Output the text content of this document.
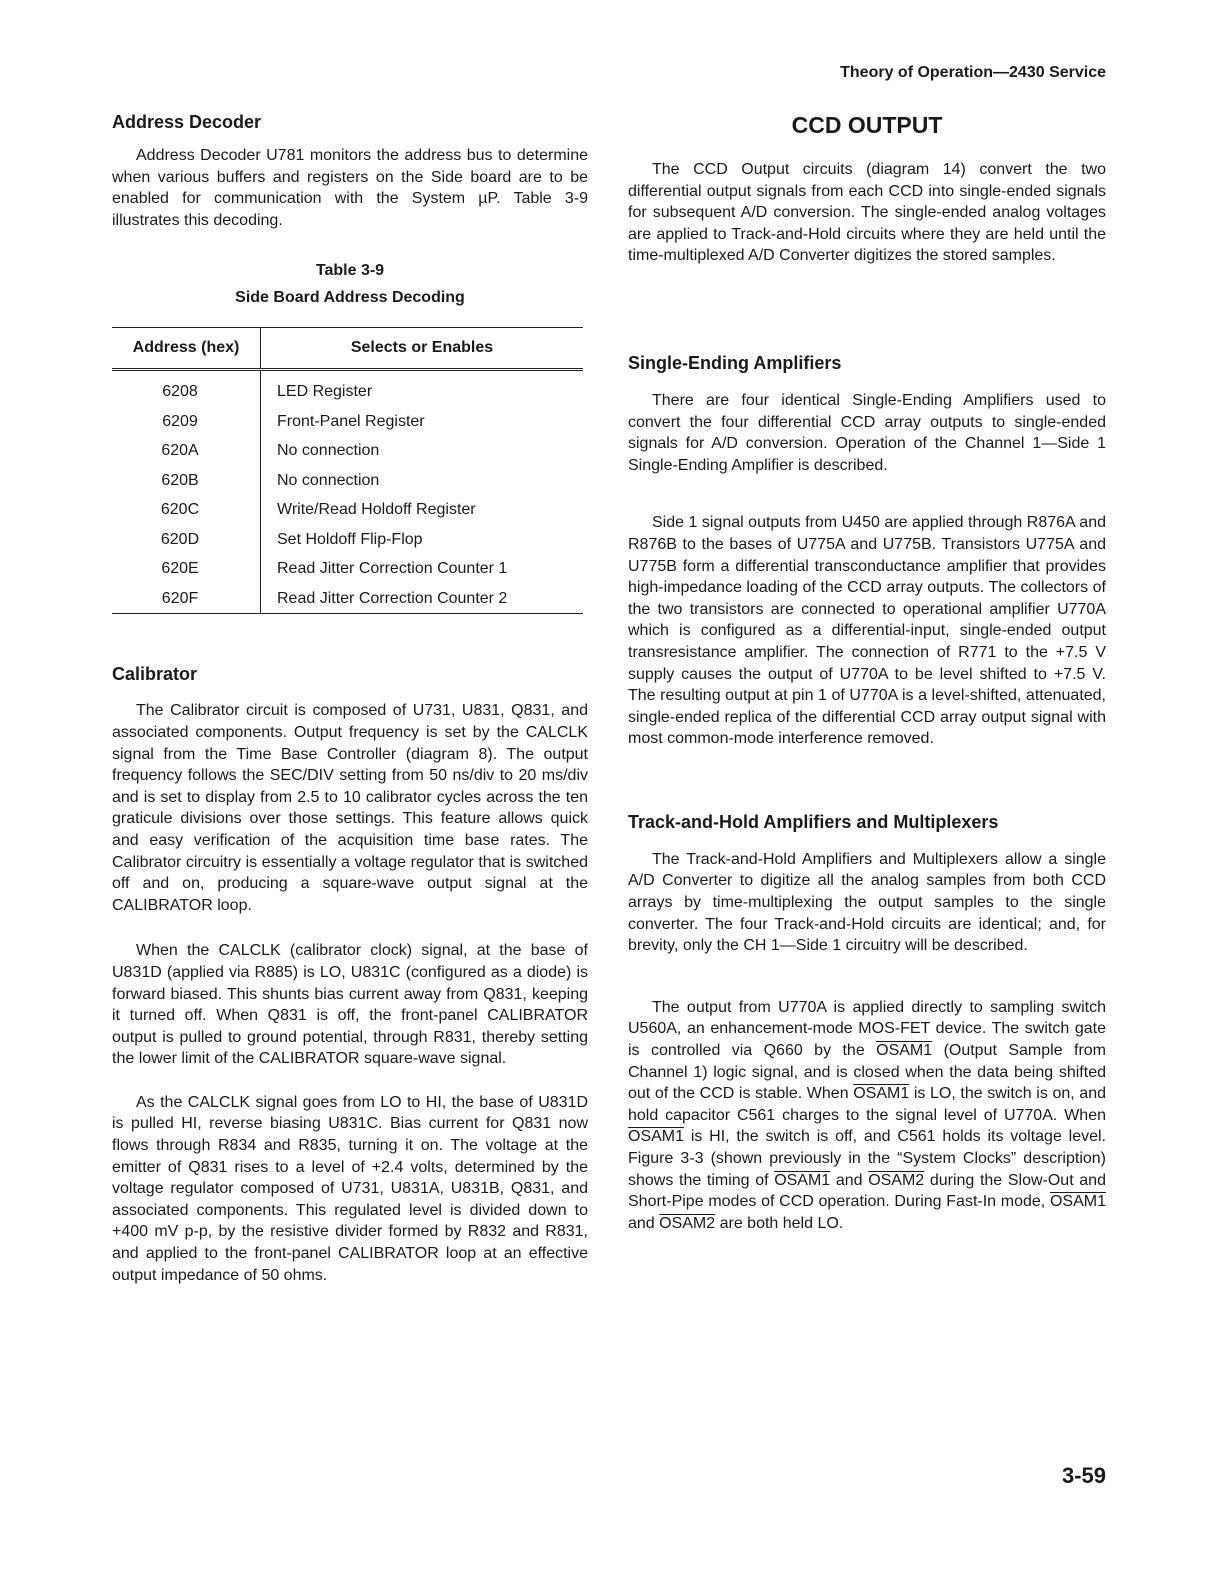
Theory of Operation—2430 Service
Address Decoder

Address Decoder U781 monitors the address bus to determine when various buffers and registers on the Side board are to be enabled for communication with the System µP. Table 3-9 illustrates this decoding.

Table 3-9
Side Board Address Decoding
Address (hex)	Selects or Enables
6208	LED Register
6209	Front-Panel Register
620A	No connection
620B	No connection
620C	Write/Read Holdoff Register
620D	Set Holdoff Flip-Flop
620E	Read Jitter Correction Counter 1
620F	Read Jitter Correction Counter 2
Calibrator

The Calibrator circuit is composed of U731, U831, Q831, and associated components. Output frequency is set by the CALCLK signal from the Time Base Controller (diagram 8). The output frequency follows the SEC/DIV setting from 50 ns/div to 20 ms/div and is set to display from 2.5 to 10 calibrator cycles across the ten graticule divisions over those settings. This feature allows quick and easy verification of the acquisition time base rates. The Calibrator circuitry is essentially a voltage regulator that is switched off and on, producing a square-wave output signal at the CALIBRATOR loop.

When the CALCLK (calibrator clock) signal, at the base of U831D (applied via R885) is LO, U831C (configured as a diode) is forward biased. This shunts bias current away from Q831, keeping it turned off. When Q831 is off, the front-panel CALIBRATOR output is pulled to ground potential, through R831, thereby setting the lower limit of the CALIBRATOR square-wave signal.

As the CALCLK signal goes from LO to HI, the base of U831D is pulled HI, reverse biasing U831C. Bias current for Q831 now flows through R834 and R835, turning it on. The voltage at the emitter of Q831 rises to a level of +2.4 volts, determined by the voltage regulator composed of U731, U831A, U831B, Q831, and associated components. This regulated level is divided down to +400 mV p-p, by the resistive divider formed by R832 and R831, and applied to the front-panel CALIBRATOR loop at an effective output impedance of 50 ohms.

CCD OUTPUT

The CCD Output circuits (diagram 14) convert the two differential output signals from each CCD into single-ended signals for subsequent A/D conversion. The single-ended analog voltages are applied to Track-and-Hold circuits where they are held until the time-multiplexed A/D Converter digitizes the stored samples.

Single-Ending Amplifiers

There are four identical Single-Ending Amplifiers used to convert the four differential CCD array outputs to single-ended signals for A/D conversion. Operation of the Channel 1—Side 1 Single-Ending Amplifier is described.

Side 1 signal outputs from U450 are applied through R876A and R876B to the bases of U775A and U775B. Transistors U775A and U775B form a differential transconductance amplifier that provides high-impedance loading of the CCD array outputs. The collectors of the two transistors are connected to operational amplifier U770A which is configured as a differential-input, single-ended output transresistance amplifier. The connection of R771 to the +7.5 V supply causes the output of U770A to be level shifted to +7.5 V. The resulting output at pin 1 of U770A is a level-shifted, attenuated, single-ended replica of the differential CCD array output signal with most common-mode interference removed.

Track-and-Hold Amplifiers and Multiplexers

The Track-and-Hold Amplifiers and Multiplexers allow a single A/D Converter to digitize all the analog samples from both CCD arrays by time-multiplexing the output samples to the single converter. The four Track-and-Hold circuits are identical; and, for brevity, only the CH 1—Side 1 circuitry will be described.

The output from U770A is applied directly to sampling switch U560A, an enhancement-mode MOS-FET device. The switch gate is controlled via Q660 by the OSAM1 (Output Sample from Channel 1) logic signal, and is closed when the data being shifted out of the CCD is stable. When OSAM1 is LO, the switch is on, and hold capacitor C561 charges to the signal level of U770A. When OSAM1 is HI, the switch is off, and C561 holds its voltage level. Figure 3-3 (shown previously in the “System Clocks” description) shows the timing of OSAM1 and OSAM2 during the Slow-Out and Short-Pipe modes of CCD operation. During Fast-In mode, OSAM1 and OSAM2 are both held LO.

3-59
